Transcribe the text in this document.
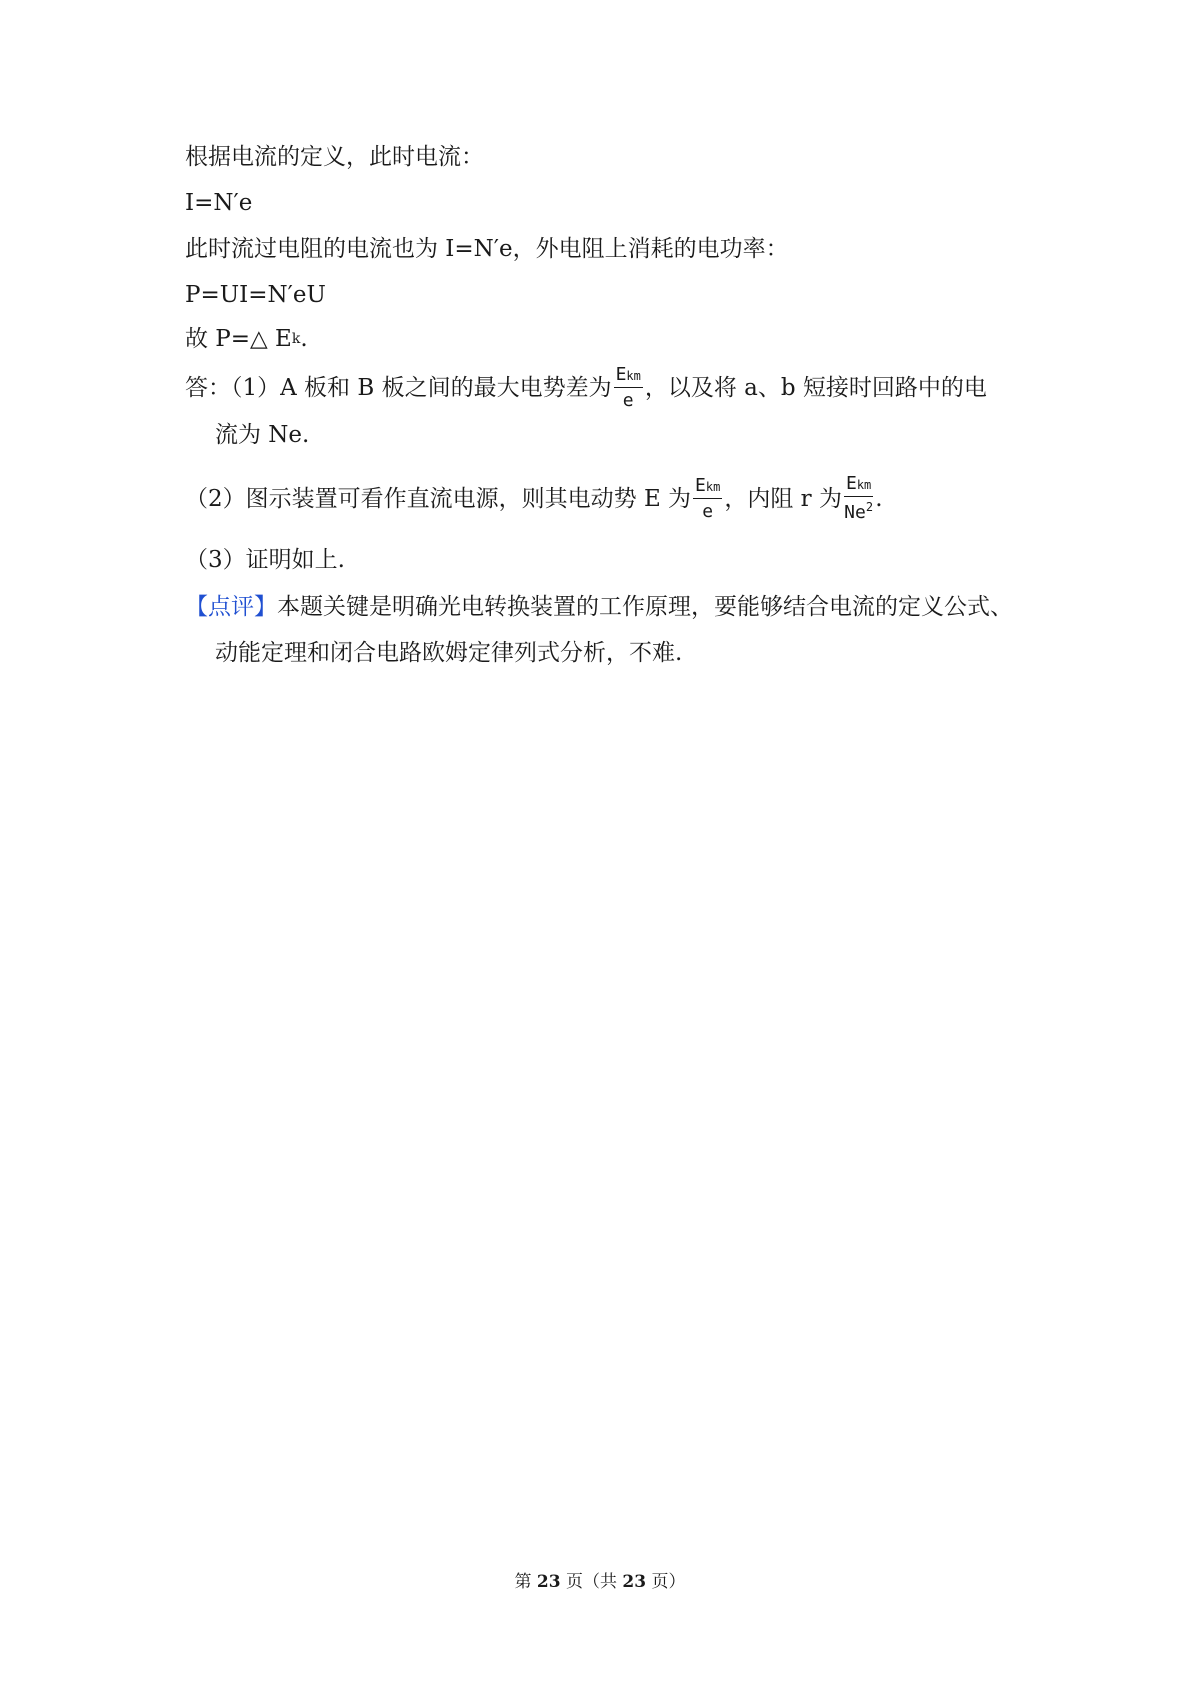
根据电流的定义，此时电流：
I=N′e
此时流过电阻的电流也为 I=N′e，外电阻上消耗的电功率：
P=UI=N′eU
故 P=△ E k .
答：（1）A 板和 B 板之间的最大电势差为 $\frac{\text{Ekm}}{e}$ ，以及将 a、b 短接时回路中的电
流为 Ne.
（2）图示装置可看作直流电源，则其电动势 E 为 $\frac{\text{Ekm}}{e}$ ，内阻 r 为 $\frac{\text{Ekm}}{Ne^2}$ .
（3）证明如上.
【点评】 本题关键是明确光电转换装置的工作原理，要能够结合电流的定义公式、
动能定理和闭合电路欧姆定律列式分析，不难.
第 23 页（共 23 页）
